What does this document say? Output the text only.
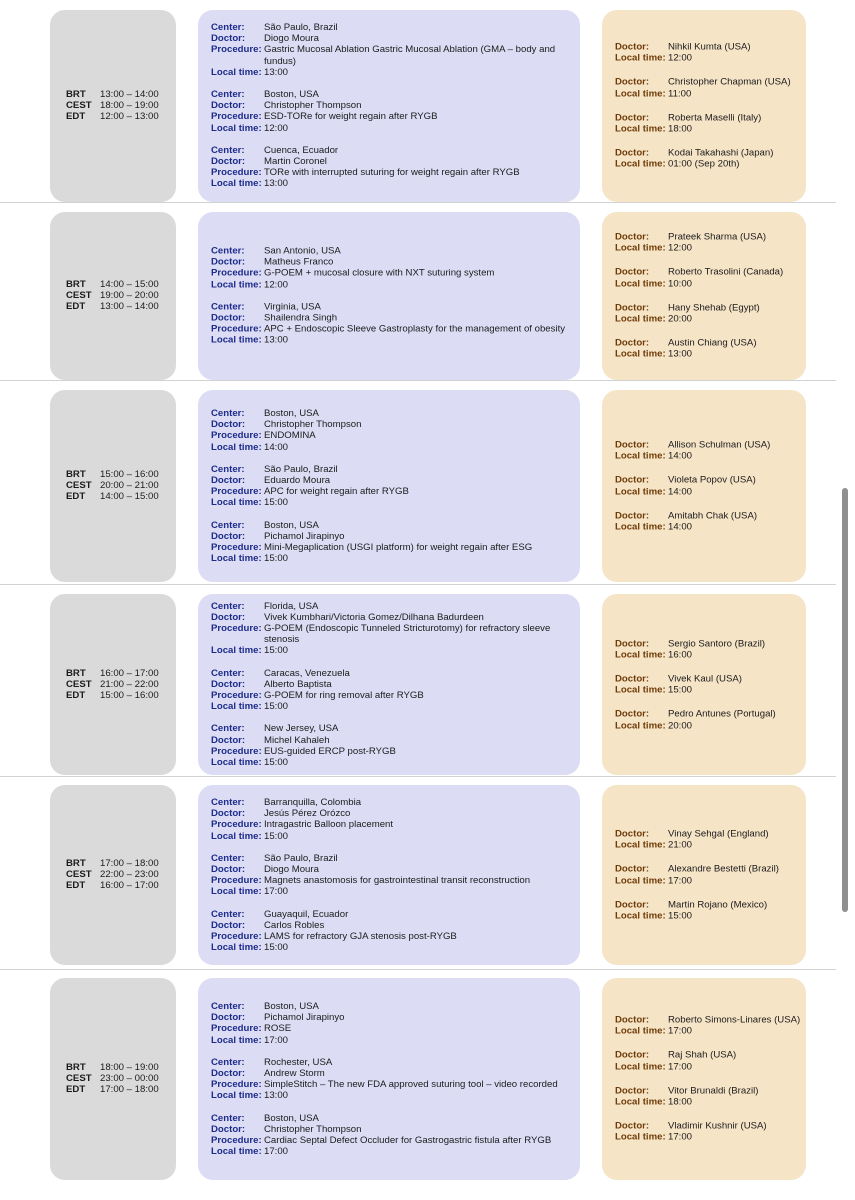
BRT	13:00 – 14:00
CEST 18:00 – 19:00
EDT	12:00 – 13:00
Center:	São Paulo, Brazil
Doctor:	Diogo Moura
Procedure: Gastric Mucosal Ablation Gastric Mucosal Ablation (GMA – body and fundus)
Local time: 13:00
Center:	Boston, USA
Doctor:	Christopher Thompson
Procedure: ESD-TORe for weight regain after RYGB
Local time: 12:00
Center:	Cuenca, Ecuador
Doctor:	Martin Coronel
Procedure: TORe with interrupted suturing for weight regain after RYGB
Local time: 13:00
Doctor:	Nihkil Kumta (USA)
Local time: 12:00
Doctor:	Christopher Chapman (USA)
Local time: 11:00
Doctor:	Roberta Maselli (Italy)
Local time: 18:00
Doctor:	Kodai Takahashi (Japan)
Local time: 01:00 (Sep 20th)
BRT	14:00 – 15:00
CEST 19:00 – 20:00
EDT	13:00 – 14:00
Center:	San Antonio, USA
Doctor:	Matheus Franco
Procedure: G-POEM + mucosal closure with NXT suturing system
Local time: 12:00
Center:	Virginia, USA
Doctor:	Shailendra Singh
Procedure: APC + Endoscopic Sleeve Gastroplasty for the management of obesity
Local time: 13:00
Doctor:	Prateek Sharma (USA)
Local time: 12:00
Doctor:	Roberto Trasolini (Canada)
Local time: 10:00
Doctor:	Hany Shehab (Egypt)
Local time: 20:00
Doctor:	Austin Chiang (USA)
Local time: 13:00
BRT	15:00 – 16:00
CEST 20:00 – 21:00
EDT	14:00 – 15:00
Center:	Boston, USA
Doctor:	Christopher Thompson
Procedure: ENDOMINA
Local time: 14:00
Center:	São Paulo, Brazil
Doctor:	Eduardo Moura
Procedure: APC for weight regain after RYGB
Local time: 15:00
Center:	Boston, USA
Doctor:	Pichamol Jirapinyo
Procedure: Mini-Megaplication (USGI platform) for weight regain after ESG
Local time: 15:00
Doctor:	Allison Schulman (USA)
Local time: 14:00
Doctor:	Violeta Popov (USA)
Local time: 14:00
Doctor:	Amitabh Chak (USA)
Local time: 14:00
BRT	16:00 – 17:00
CEST 21:00 – 22:00
EDT	15:00 – 16:00
Center:	Florida, USA
Doctor:	Vivek Kumbhari/Victoria Gomez/Dilhana Badurdeen
Procedure: G-POEM (Endoscopic Tunneled Stricturotomy) for refractory sleeve stenosis
Local time: 15:00
Center:	Caracas, Venezuela
Doctor:	Alberto Baptista
Procedure: G-POEM for ring removal after RYGB
Local time: 15:00
Center:	New Jersey, USA
Doctor:	Michel Kahaleh
Procedure: EUS-guided ERCP post-RYGB
Local time: 15:00
Doctor:	Sergio Santoro (Brazil)
Local time: 16:00
Doctor:	Vivek Kaul (USA)
Local time: 15:00
Doctor:	Pedro Antunes (Portugal)
Local time: 20:00
BRT	17:00 – 18:00
CEST 22:00 – 23:00
EDT	16:00 – 17:00
Center:	Barranquilla, Colombia
Doctor:	Jesús Pérez Orózco
Procedure: Intragastric Balloon placement
Local time: 15:00
Center:	São Paulo, Brazil
Doctor:	Diogo Moura
Procedure: Magnets anastomosis for gastrointestinal transit reconstruction
Local time: 17:00
Center:	Guayaquil, Ecuador
Doctor:	Carlos Robles
Procedure: LAMS for refractory GJA stenosis post-RYGB
Local time: 15:00
Doctor:	Vinay Sehgal (England)
Local time: 21:00
Doctor:	Alexandre Bestetti (Brazil)
Local time: 17:00
Doctor:	Martin Rojano (Mexico)
Local time: 15:00
BRT	18:00 – 19:00
CEST 23:00 – 00:00
EDT	17:00 – 18:00
Center:	Boston, USA
Doctor:	Pichamol Jirapinyo
Procedure: ROSE
Local time: 17:00
Center:	Rochester, USA
Doctor:	Andrew Storm
Procedure: SimpleStitch – The new FDA approved suturing tool – video recorded
Local time: 13:00
Center:	Boston, USA
Doctor:	Christopher Thompson
Procedure: Cardiac Septal Defect Occluder for Gastrogastric fistula after RYGB
Local time: 17:00
Doctor:	Roberto Simons-Linares (USA)
Local time: 17:00
Doctor:	Raj Shah (USA)
Local time: 17:00
Doctor:	Vitor Brunaldi (Brazil)
Local time: 18:00
Doctor:	Vladimir Kushnir (USA)
Local time: 17:00
